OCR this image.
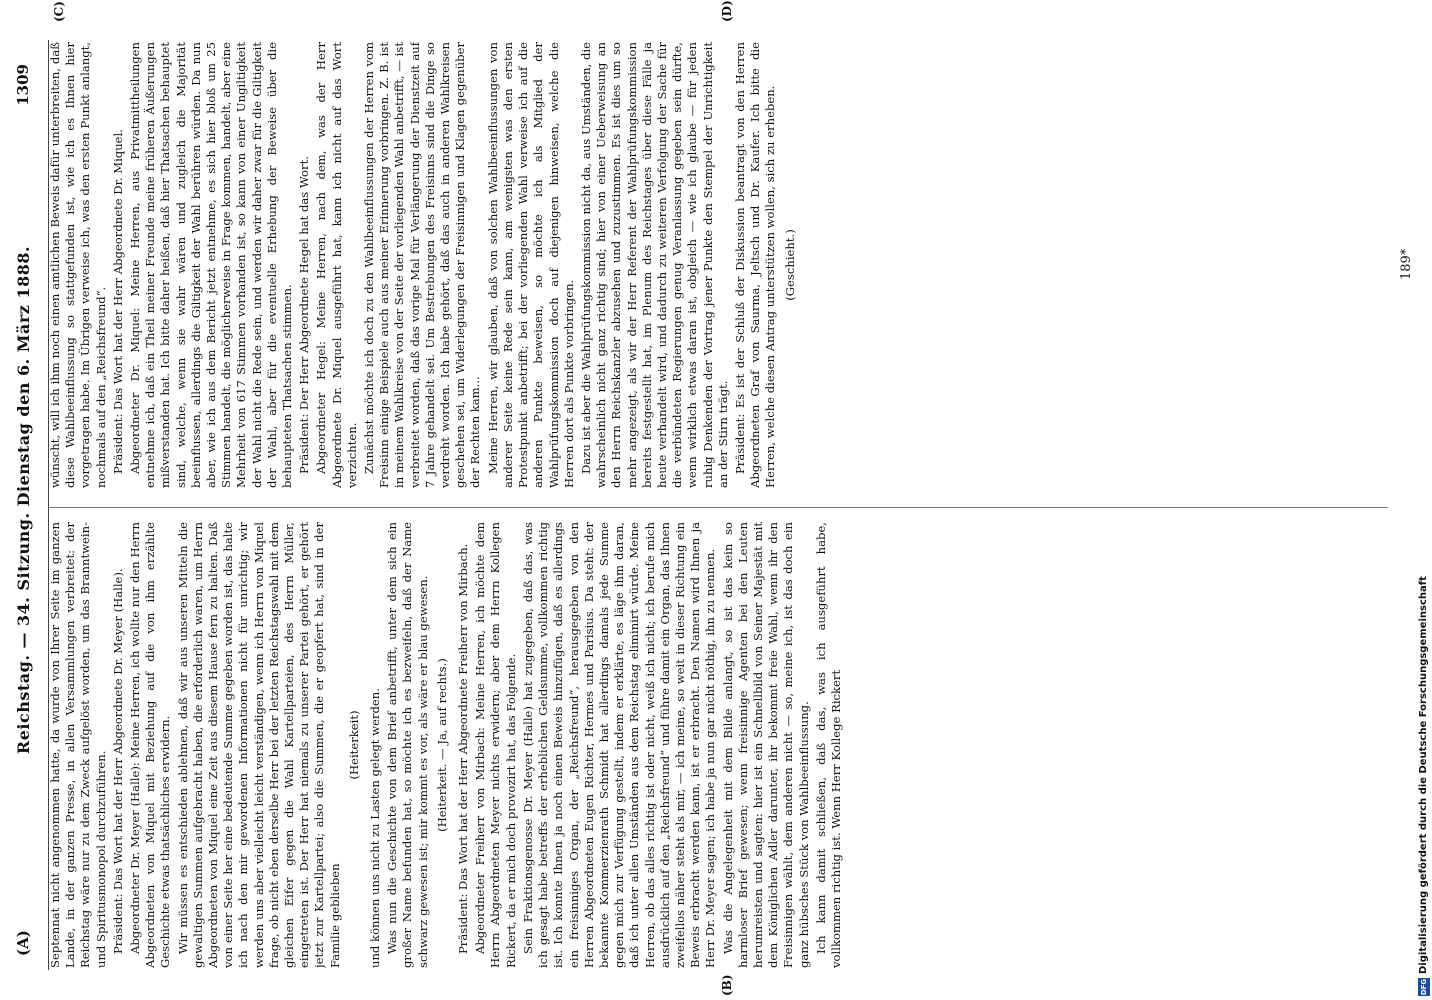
(A)
Reichstag. — 34. Sitzung. Dienstag den 6. März 1888.
1309
(B)
(C)	(D)

Septennat nicht angenommen hatte, da wurde von Ihrer Seite im ganzen Lande, in der ganzen Presse, in allen Versammlungen verbreitet: der Reichstag wäre nur zu dem Zweck aufgelöst worden, um das Branntwein- und Spiritusmonopol durchzuführen. Präsident: Das Wort hat der Herr Abgeordnete Dr. Meyer (Halle). Abgeordneter Dr. Meyer (Halle): Meine Herren, ich wollte nur den Herrn Abgeordneten von Miquel mit Beziehung auf die von ihm erzählte Geschichte etwas thatsächliches erwidern. Wir müssen es entschieden ablehnen, daß wir aus unseren Mitteln die gewaltigen Summen aufgebracht haben, die erforderlich waren, um Herrn Abgeordneten von Miquel eine Zeit aus diesem Hause fern zu halten. Daß von einer Seite her eine bedeutende Summe gegeben worden ist, das halte ich nach den mir gewordenen Informationen nicht für unrichtig; wir werden uns aber vielleicht leicht verständigen, wenn ich Herrn von Miquel frage, ob nicht eben derselbe Herr bei der letzten Reichstagswahl mit dem gleichen Eifer gegen die Wahl Kartellparteien, des Herrn Müller, eingetreten ist. Der Herr hat niemals zu unserer Partei gehört, er gehört jetzt zur Kartellpartei; also die Summen, die er geopfert hat, sind in der Familie geblieben

(Heiterkeit) und können uns nicht zu Lasten gelegt werden. Was nun die Geschichte von dem Brief anbetrifft, unter dem sich ein großer Name befunden hat, so möchte ich es bezweifeln, daß der Name schwarz gewesen ist; mir kommt es vor, als wäre er blau gewesen. (Heiterkeit. — Ja, auf rechts.) Präsident: Das Wort hat der Herr Abgeordnete Freiherr von Mirbach. Abgeordneter Freiherr von Mirbach: Meine Herren, ich möchte dem Herrn Abgeordneten Meyer nichts erwidern; aber dem Herrn Kollegen Rickert, da er mich doch provozirt hat, das Folgende. Sein Fraktionsgenosse Dr. Meyer (Halle) hat zugegeben, daß das, was ich gesagt habe betreffs der erheblichen Geldsumme, vollkommen richtig ist. Ich konnte Ihnen ja noch einen Beweis hinzufügen, daß es allerdings ein freisinniges Organ, der „Reichsfreund“, herausgegeben von den Herren Abgeordneten Eugen Richter, Hermes und Parisius. Da steht: der bekannte Kommerzienrath Schmidt hat allerdings damals jede Summe gegen mich zur Verfügung gestellt, indem er erklärte, es läge ihm daran, daß ich unter allen Umständen aus dem Reichstag eliminirt würde. Meine Herren, ob das alles richtig ist oder nicht, weiß ich nicht; ich berufe mich ausdrücklich auf den „Reichsfreund“ und führe damit ein Organ, das Ihnen zweifellos näher steht als mir, — ich meine, so weit in dieser Richtung ein Beweis erbracht werden kann, ist er erbracht. Den Namen wird Ihnen ja Herr Dr. Meyer sagen; ich habe ja nun gar nicht nöthig, ihn zu nennen. Was die Angelegenheit mit dem Bilde anlangt, so ist das kein so harmloser Brief gewesen; wenn freisinnige Agenten bei den Leuten herumreisten und sagten: hier ist ein Schnellbild von Seiner Majestät mit dem Königlichen Adler darunter, ihr bekommt freie Wahl, wenn ihr den Freisinnigen wählt, dem anderen nicht — so, meine ich, ist das doch ein ganz hübsches Stück von Wahlbeeinflussung. Ich kann damit schließen, daß das, was ich ausgeführt habe, vollkommen richtig ist. Wenn Herr Kollege Rickert

wünscht, will ich ihm noch einen amtlichen Beweis dafür unterbreiten, daß diese Wahlbeeinflussung so stattgefunden ist, wie ich es Ihnen hier vorgetragen habe. Im Übrigen verweise ich, was den ersten Punkt anlangt, nochmals auf den „Reichsfreund“. Präsident: Das Wort hat der Herr Abgeordnete Dr. Miquel. Abgeordneter Dr. Miquel: Meine Herren, aus Privatmittheilungen entnehme ich, daß ein Theil meiner Freunde meine früheren Äußerungen mißverstanden hat. Ich bitte daher heißen, daß hier Thatsachen behauptet sind, welche, wenn sie wahr wären und zugleich die Majorität beeinflussen, allerdings die Giltigkeit der Wahl berühren würden. Da nun aber, wie ich aus dem Bericht jetzt entnehme, es sich hier bloß um 25 Stimmen handelt, die möglicherweise in Frage kommen, handelt, aber eine Mehrheit von 617 Stimmen vorhanden ist, so kann von einer Ungiltigkeit der Wahl nicht die Rede sein, und werden wir daher zwar für die Giltigkeit der Wahl, aber für die eventuelle Erhebung der Beweise über die behaupteten Thatsachen stimmen. Präsident: Der Herr Abgeordnete Hegel hat das Wort. Abgeordneter Hegel: Meine Herren, nach dem, was der Herr Abgeordnete Dr. Miquel ausgeführt hat, kann ich nicht auf das Wort verzichten. Zunächst möchte ich doch zu den Wahlbeeinflussungen der Herren vom Freisinn einige Beispiele auch aus meiner Erinnerung vorbringen. Z. B. ist in meinem Wahlkreise von der Seite der vorliegenden Wahl anbetrifft, — ist verbreitet worden, daß das vorige Mal für Verlängerung der Dienstzeit auf 7 Jahre gehandelt sei. Um Bestrebungen des Freisinns sind die Dinge so verdreht worden. Ich habe gehört, daß das auch in anderen Wahlkreisen geschehen sei, um Widerlegungen der Freisinnigen und Klagen gegenüber der Rechten kam... Meine Herren, wir glauben, daß von solchen Wahlbeeinflussungen von anderer Seite keine Rede sein kann, am wenigsten was den ersten Protestpunkt anbetrifft; bei der vorliegenden Wahl verweise ich auf die anderen Punkte beweisen, so möchte ich als Mitglied der Wahlprüfungskommission doch auf diejenigen hinweisen, welche die Herren dort als Punkte vorbringen. Dazu ist aber die Wahlprüfungskommission nicht da, aus Umständen, die wahrscheinlich nicht ganz richtig sind; hier von einer Ueberweisung an den Herrn Reichskanzler abzusehen und zuzustimmen. Es ist dies um so mehr angezeigt, als wir der Herr Referent der Wahlprüfungskommission bereits festgestellt hat, im Plenum des Reichstages über diese Fälle ja heute verhandelt wird, und dadurch zu weiteren Verfolgung der Sache für die verbündeten Regierungen genug Veranlassung gegeben sein dürfte, wenn wirklich etwas daran ist, obgleich — wie ich glaube — für jeden ruhig Denkenden der Vortrag jener Punkte den Stempel der Unrichtigkeit an der Stirn trägt. Präsident: Es ist der Schluß der Diskussion beantragt von den Herren Abgeordneten Graf von Saurma, Jeltsch und Dr. Kaufer. Ich bitte die Herren, welche diesen Antrag unterstützen wollen, sich zu erheben. (Geschieht.)	189*
DFG
Digitalisierung gefördert durch die Deutsche Forschungsgemeinschaft
